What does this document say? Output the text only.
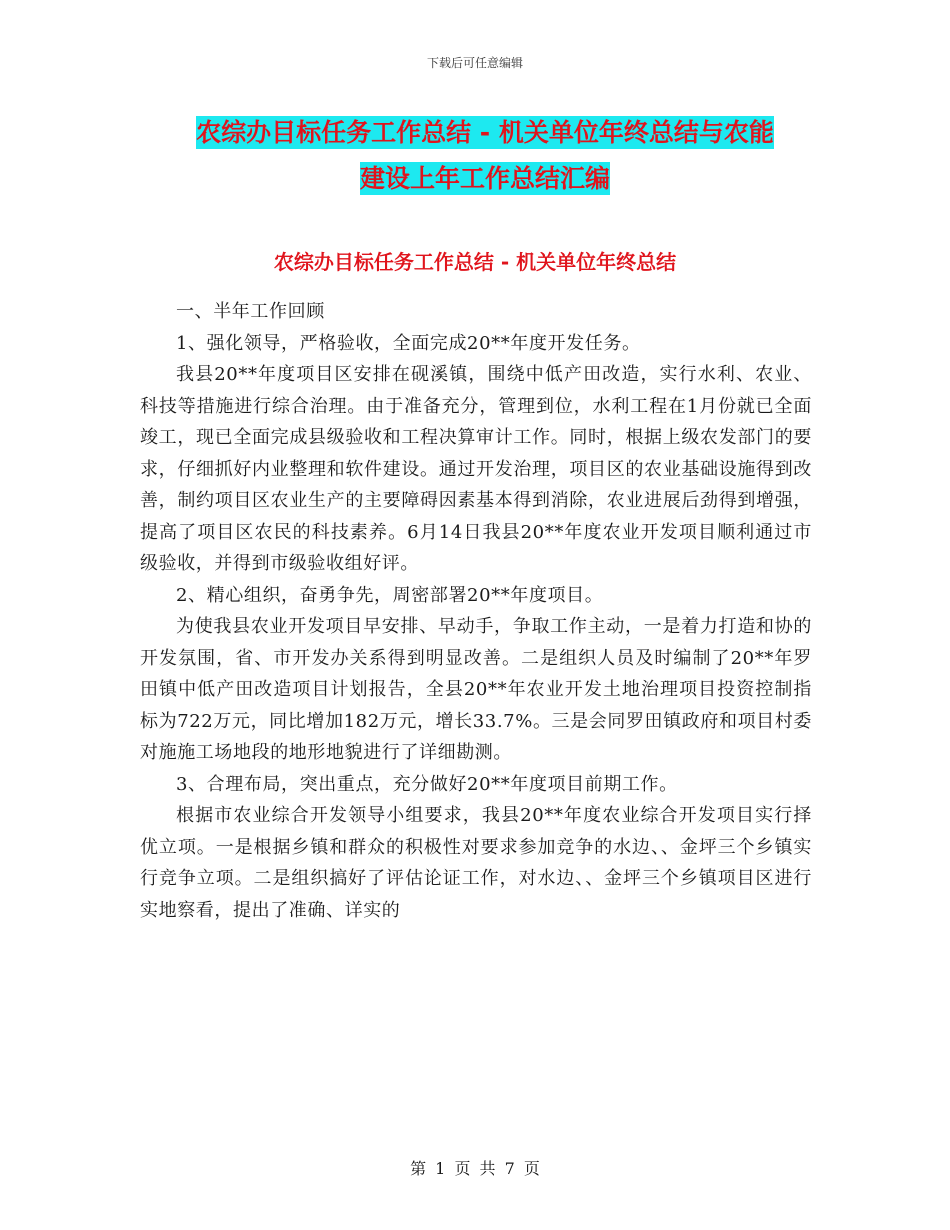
下载后可任意编辑
农综办目标任务工作总结 - 机关单位年终总结与农能
建设上年工作总结汇编
农综办目标任务工作总结 - 机关单位年终总结

一、半年工作回顾

1、强化领导，严格验收，全面完成20**年度开发任务。

我县20**年度项目区安排在砚溪镇，围绕中低产田改造，实行水利、农业、科技等措施进行综合治理。由于准备充分，管理到位，水利工程在1月份就已全面竣工，现已全面完成县级验收和工程决算审计工作。同时，根据上级农发部门的要求，仔细抓好内业整理和软件建设。通过开发治理，项目区的农业基础设施得到改善，制约项目区农业生产的主要障碍因素基本得到消除，农业进展后劲得到增强，提高了项目区农民的科技素养。6月14日我县20**年度农业开发项目顺利通过市级验收，并得到市级验收组好评。

2、精心组织，奋勇争先，周密部署20**年度项目。

为使我县农业开发项目早安排、早动手，争取工作主动，一是着力打造和协的开发氛围，省、市开发办关系得到明显改善。二是组织人员及时编制了20**年罗田镇中低产田改造项目计划报告，全县20**年农业开发土地治理项目投资控制指标为722万元，同比增加182万元，增长33.7%。三是会同罗田镇政府和项目村委对施施工场地段的地形地貌进行了详细勘测。

3、合理布局，突出重点，充分做好20**年度项目前期工作。

根据市农业综合开发领导小组要求，我县20**年度农业综合开发项目实行择优立项。一是根据乡镇和群众的积极性对要求参加竞争的水边、、金坪三个乡镇实行竞争立项。二是组织搞好了评估论证工作，对水边、、金坪三个乡镇项目区进行实地察看，提出了准确、详实的

第 1 页 共 7 页
